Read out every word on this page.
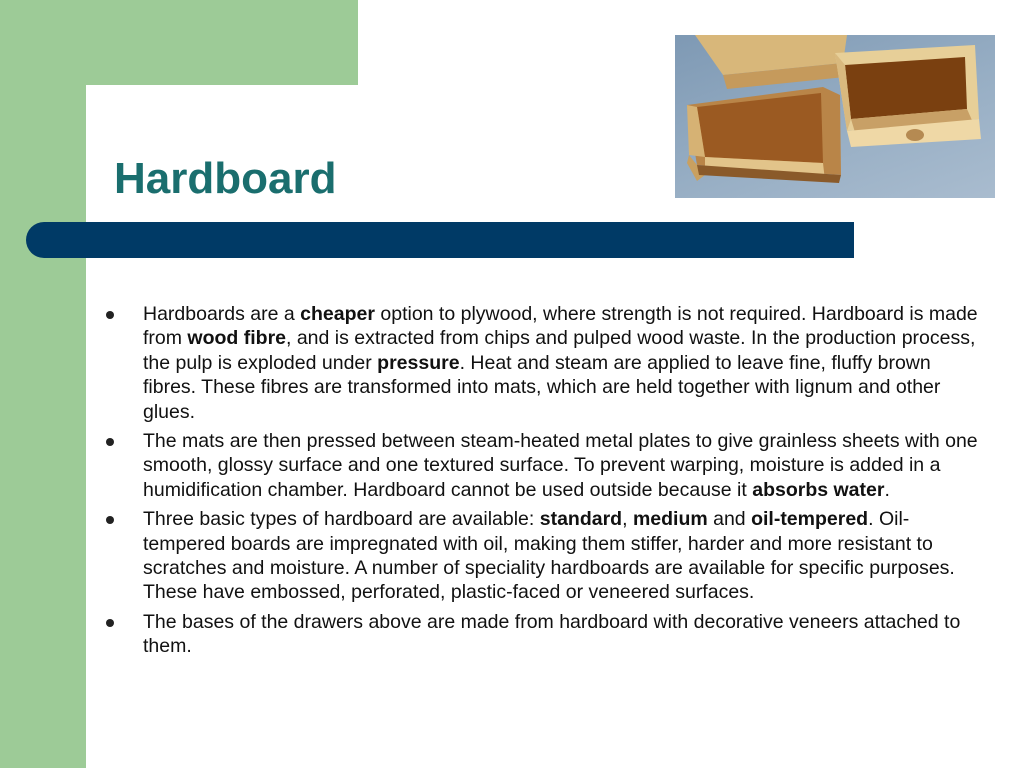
Hardboard
Hardboards are a cheaper option to plywood, where strength is not required. Hardboard is made from wood fibre, and is extracted from chips and pulped wood waste. In the production process, the pulp is exploded under pressure. Heat and steam are applied to leave fine, fluffy brown fibres. These fibres are transformed into mats, which are held together with lignum and other glues.
The mats are then pressed between steam-heated metal plates to give grainless sheets with one smooth, glossy surface and one textured surface. To prevent warping, moisture is added in a humidification chamber. Hardboard cannot be used outside because it absorbs water.
Three basic types of hardboard are available: standard, medium and oil-tempered. Oil-tempered boards are impregnated with oil, making them stiffer, harder and more resistant to scratches and moisture. A number of speciality hardboards are available for specific purposes. These have embossed, perforated, plastic-faced or veneered surfaces.
The bases of the drawers above are made from hardboard with decorative veneers attached to them.
